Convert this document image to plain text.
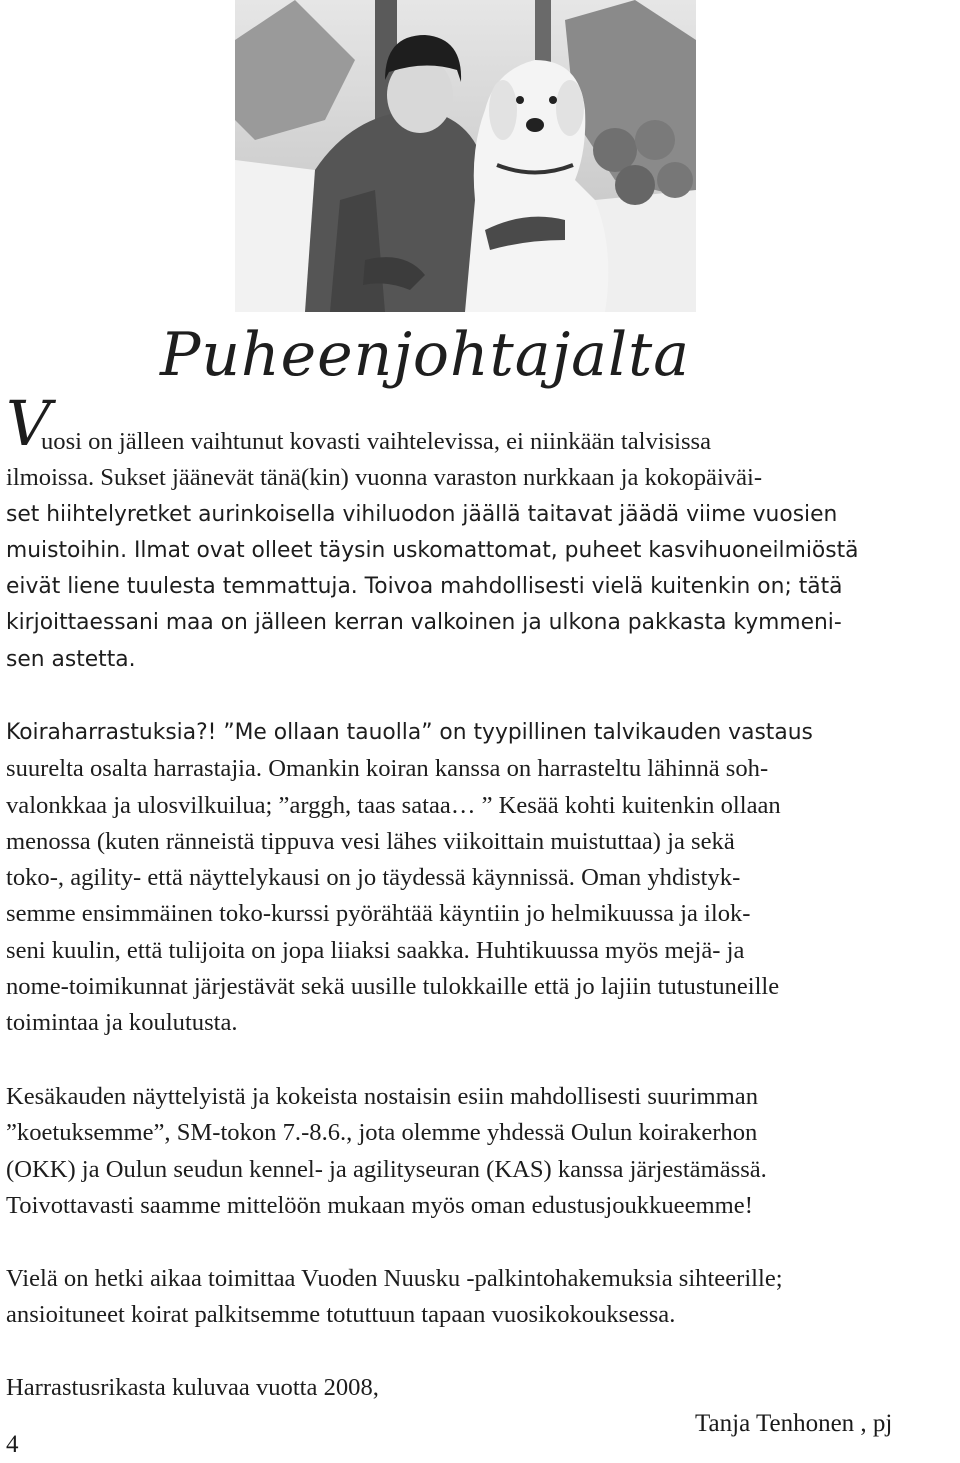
Puheenjohtajalta
V
uosi on jälleen vaihtunut kovasti vaihtelevissa, ei niinkään talvisissa
ilmoissa. Sukset jäänevät tänä(kin) vuonna varaston nurkkaan ja kokopäiväi-
set hiihtelyretket aurinkoisella vihiluodon jäällä taitavat jäädä viime vuosien
muistoihin. Ilmat ovat olleet täysin uskomattomat, puheet kasvihuoneilmiöstä
eivät liene tuulesta temmattuja. Toivoa mahdollisesti vielä kuitenkin on; tätä
kirjoittaessani maa on jälleen kerran valkoinen ja ulkona pakkasta kymmeni-
sen astetta.
Koiraharrastuksia?! ”Me ollaan tauolla” on tyypillinen talvikauden vastaus
suurelta osalta harrastajia. Omankin koiran kanssa on harrasteltu lähinnä soh-
valonkkaa ja ulosvilkuilua; ”arggh, taas sataa… ” Kesää kohti kuitenkin ollaan
menossa (kuten ränneistä tippuva vesi lähes viikoittain muistuttaa) ja sekä
toko-, agility- että näyttelykausi on jo täydessä käynnissä. Oman yhdistyk-
semme ensimmäinen toko-kurssi pyörähtää käyntiin jo helmikuussa ja ilok-
seni kuulin, että tulijoita on jopa liiaksi saakka. Huhtikuussa myös mejä- ja
nome-toimikunnat järjestävät sekä uusille tulokkaille että jo lajiin tutustuneille
toimintaa ja koulutusta.
Kesäkauden näyttelyistä ja kokeista nostaisin esiin mahdollisesti suurimman
”koetuksemme”, SM-tokon 7.-8.6., jota olemme yhdessä Oulun koirakerhon
(OKK) ja Oulun seudun kennel- ja agilityseuran (KAS) kanssa järjestämässä.
Toivottavasti saamme mittelöön mukaan myös oman edustusjoukkueemme!
Vielä on hetki aikaa toimittaa Vuoden Nuusku -palkintohakemuksia sihteerille;
ansioituneet koirat palkitsemme totuttuun tapaan vuosikokouksessa.
Harrastusrikasta kuluvaa vuotta 2008,
Tanja Tenhonen , pj
4
